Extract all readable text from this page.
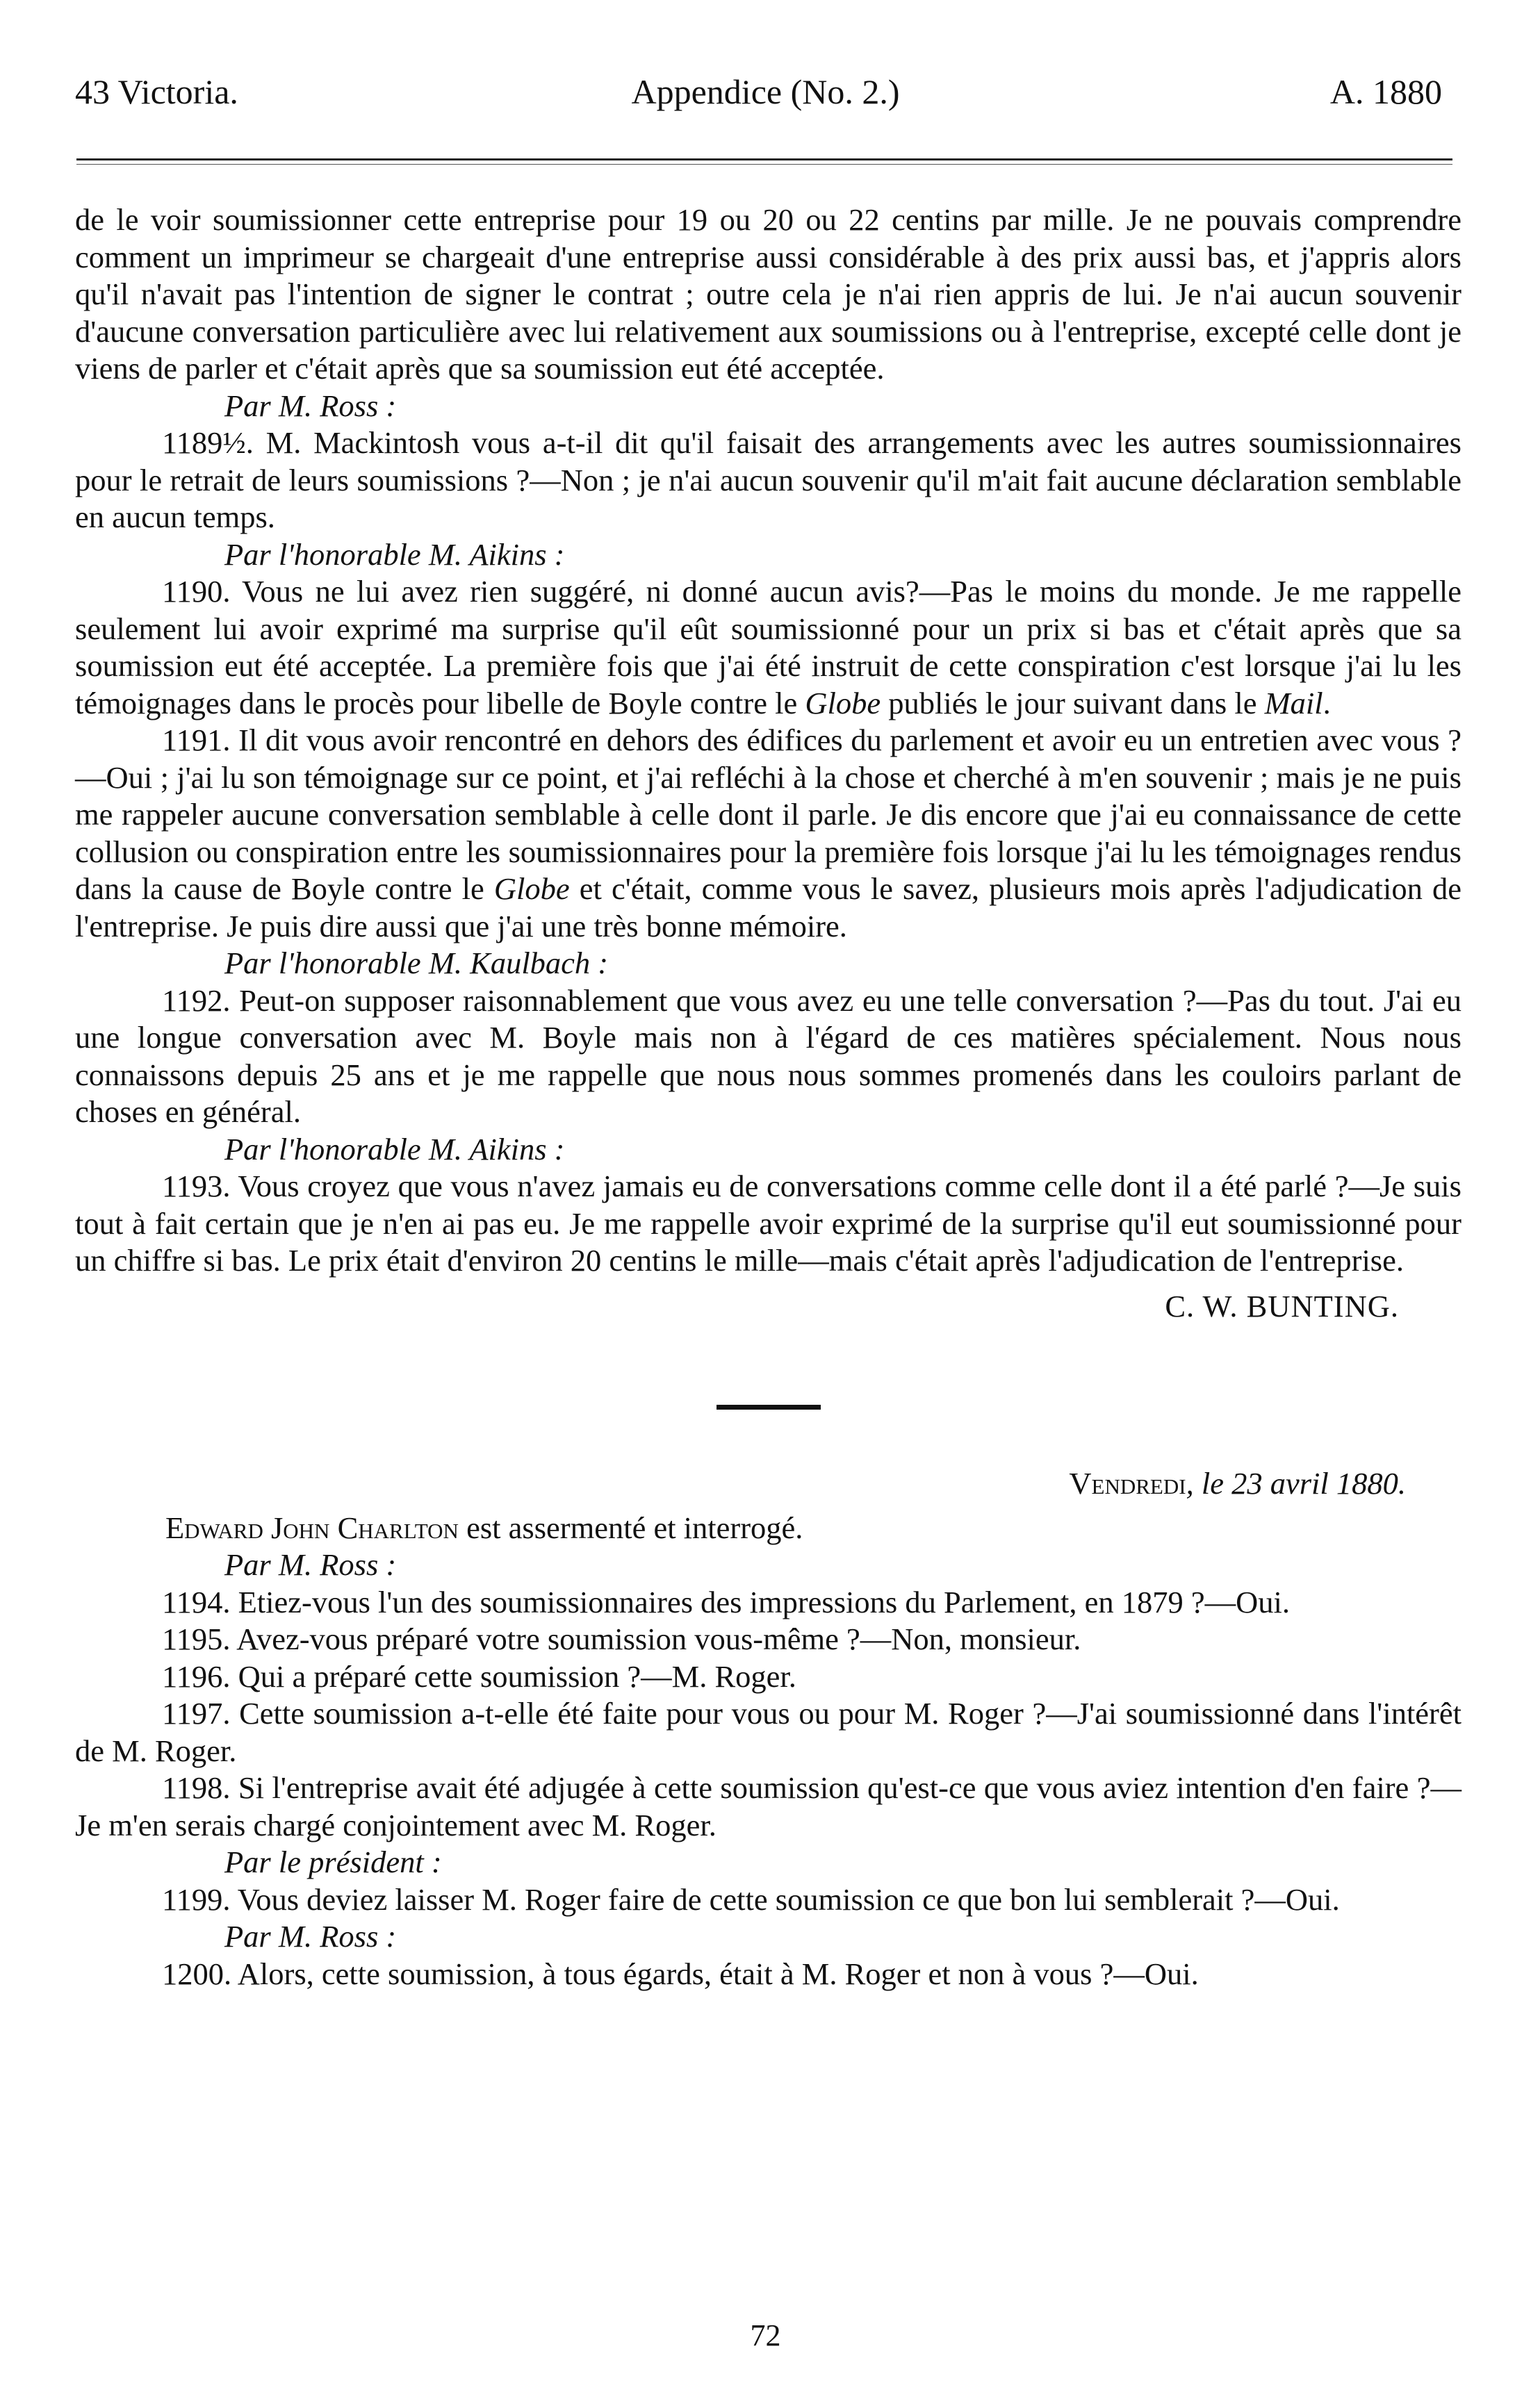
43 Victoria.	Appendice (No. 2.)	A. 1880

de le voir soumissionner cette entreprise pour 19 ou 20 ou 22 centins par mille. Je ne pouvais comprendre comment un imprimeur se chargeait d'une entreprise aussi considérable à des prix aussi bas, et j'appris alors qu'il n'avait pas l'intention de signer le contrat ; outre cela je n'ai rien appris de lui. Je n'ai aucun souvenir d'aucune conversation particulière avec lui relativement aux soumissions ou à l'entreprise, excepté celle dont je viens de parler et c'était après que sa soumission eut été acceptée.

Par M. Ross :

1189½. M. Mackintosh vous a-t-il dit qu'il faisait des arrangements avec les autres soumissionnaires pour le retrait de leurs soumissions ?—Non ; je n'ai aucun souvenir qu'il m'ait fait aucune déclaration semblable en aucun temps.

Par l'honorable M. Aikins :

1190. Vous ne lui avez rien suggéré, ni donné aucun avis?—Pas le moins du monde. Je me rappelle seulement lui avoir exprimé ma surprise qu'il eût soumissionné pour un prix si bas et c'était après que sa soumission eut été acceptée. La première fois que j'ai été instruit de cette conspiration c'est lorsque j'ai lu les témoignages dans le procès pour libelle de Boyle contre le Globe publiés le jour suivant dans le Mail.

1191. Il dit vous avoir rencontré en dehors des édifices du parlement et avoir eu un entretien avec vous ?—Oui ; j'ai lu son témoignage sur ce point, et j'ai refléchi à la chose et cherché à m'en souvenir ; mais je ne puis me rappeler aucune conversation semblable à celle dont il parle. Je dis encore que j'ai eu connaissance de cette collusion ou conspiration entre les soumissionnaires pour la première fois lorsque j'ai lu les témoignages rendus dans la cause de Boyle contre le Globe et c'était, comme vous le savez, plusieurs mois après l'adjudication de l'entreprise. Je puis dire aussi que j'ai une très bonne mémoire.

Par l'honorable M. Kaulbach :

1192. Peut-on supposer raisonnablement que vous avez eu une telle conversation ?—Pas du tout. J'ai eu une longue conversation avec M. Boyle mais non à l'égard de ces matières spécialement. Nous nous connaissons depuis 25 ans et je me rappelle que nous nous sommes promenés dans les couloirs parlant de choses en général.

Par l'honorable M. Aikins :

1193. Vous croyez que vous n'avez jamais eu de conversations comme celle dont il a été parlé ?—Je suis tout à fait certain que je n'en ai pas eu. Je me rappelle avoir exprimé de la surprise qu'il eut soumissionné pour un chiffre si bas. Le prix était d'environ 20 centins le mille—mais c'était après l'adjudication de l'entreprise.

C. W. BUNTING.

Vendredi, le 23 avril 1880.

Edward John Charlton est assermenté et interrogé.

Par M. Ross :

1194. Etiez-vous l'un des soumissionnaires des impressions du Parlement, en 1879 ?—Oui.

1195. Avez-vous préparé votre soumission vous-même ?—Non, monsieur.

1196. Qui a préparé cette soumission ?—M. Roger.

1197. Cette soumission a-t-elle été faite pour vous ou pour M. Roger ?—J'ai soumissionné dans l'intérêt de M. Roger.

1198. Si l'entreprise avait été adjugée à cette soumission qu'est-ce que vous aviez intention d'en faire ?—Je m'en serais chargé conjointement avec M. Roger.

Par le président :

1199. Vous deviez laisser M. Roger faire de cette soumission ce que bon lui semblerait ?—Oui.

Par M. Ross :

1200. Alors, cette soumission, à tous égards, était à M. Roger et non à vous ?—Oui.

72
